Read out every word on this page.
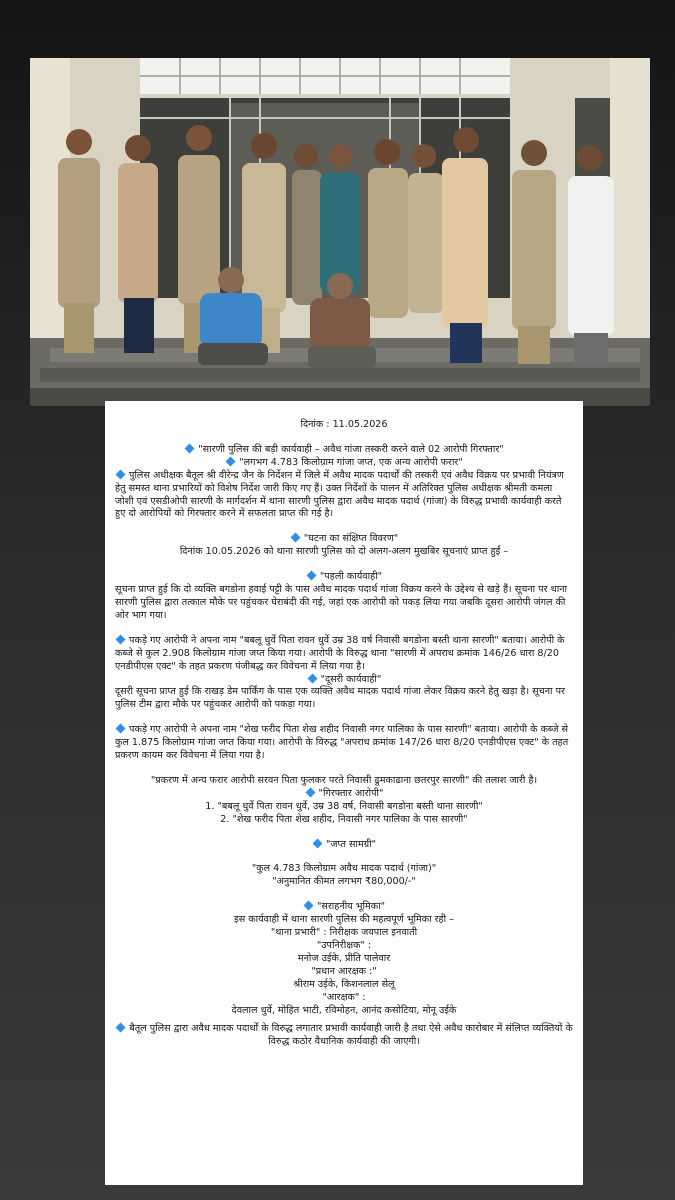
दिनांक : 11.05.2026

"सारणी पुलिस की बड़ी कार्यवाही – अवैध गांजा तस्करी करने वाले 02 आरोपी गिरफ्तार"

"लगभग 4.783 किलोग्राम गांजा जप्त, एक अन्य आरोपी फरार"

पुलिस अधीक्षक बैतूल श्री वीरेन्द्र जैन के निर्देशन में जिले में अवैध मादक पदार्थों की तस्करी एवं अवैध विक्रय पर प्रभावी नियंत्रण हेतु समस्त थाना प्रभारियों को विशेष निर्देश जारी किए गए हैं। उक्त निर्देशों के पालन में अतिरिक्त पुलिस अधीक्षक श्रीमती कमला जोशी एवं एसडीओपी सारणी के मार्गदर्शन में थाना सारणी पुलिस द्वारा अवैध मादक पदार्थ (गांजा) के विरुद्ध प्रभावी कार्यवाही करते हुए दो आरोपियों को गिरफ्तार करने में सफलता प्राप्त की गई है।

"घटना का संक्षिप्त विवरण"

दिनांक 10.05.2026 को थाना सारणी पुलिस को दो अलग-अलग मुखबिर सूचनाएं प्राप्त हुईं –

"पहली कार्यवाही"

सूचना प्राप्त हुई कि दो व्यक्ति बगडोना हवाई पट्टी के पास अवैध मादक पदार्थ गांजा विक्रय करने के उद्देश्य से खड़े हैं। सूचना पर थाना सारणी पुलिस द्वारा तत्काल मौके पर पहुंचकर घेराबंदी की गई, जहां एक आरोपी को पकड़ लिया गया जबकि दूसरा आरोपी जंगल की ओर भाग गया।

पकड़े गए आरोपी ने अपना नाम "बबलू धुर्वे पिता रावन धुर्वे उम्र 38 वर्ष निवासी बगडोना बस्ती थाना सारणी" बताया। आरोपी के कब्जे से कुल 2.908 किलोग्राम गांजा जप्त किया गया। आरोपी के विरुद्ध थाना "सारणी में अपराध क्रमांक 146/26 धारा 8/20 एनडीपीएस एक्ट" के तहत प्रकरण पंजीबद्ध कर विवेचना में लिया गया है।

"दूसरी कार्यवाही"

दूसरी सूचना प्राप्त हुई कि राखड़ डेम पार्किंग के पास एक व्यक्ति अवैध मादक पदार्थ गांजा लेकर विक्रय करने हेतु खड़ा है। सूचना पर पुलिस टीम द्वारा मौके पर पहुंचकर आरोपी को पकड़ा गया।

पकड़े गए आरोपी ने अपना नाम "शेख फरीद पिता शेख शहीद निवासी नगर पालिका के पास सारणी" बताया। आरोपी के कब्जे से कुल 1.875 किलोग्राम गांजा जप्त किया गया। आरोपी के विरुद्ध "अपराध क्रमांक 147/26 धारा 8/20 एनडीपीएस एक्ट" के तहत प्रकरण कायम कर विवेचना में लिया गया है।

"प्रकरण में अन्य फरार आरोपी सरवन पिता फुलकर परते निवासी ढुमकाढाना छतरपुर सारणी" की तलाश जारी है।

"गिरफ्तार आरोपी"

1. "बबलू धुर्वे पिता रावन धुर्वे, उम्र 38 वर्ष, निवासी बगडोना बस्ती थाना सारणी"

2. "शेख फरीद पिता शेख शहीद, निवासी नगर पालिका के पास सारणी"

"जप्त सामग्री"

"कुल 4.783 किलोग्राम अवैध मादक पदार्थ (गांजा)"

"अनुमानित कीमत लगभग ₹80,000/-"

"सराहनीय भूमिका"

इस कार्यवाही में थाना सारणी पुलिस की महत्वपूर्ण भूमिका रही –

"थाना प्रभारी" : निरीक्षक जयपाल इनवाती

"उपनिरीक्षक" :

मनोज उईके, प्रीति पालेवार

"प्रधान आरक्षक :"

श्रीराम उईके, किशनलाल सेलू

"आरक्षक" :

देवलाल धुर्वे, मोहित भाटी, रविमोहन, आनंद कसोटिया, मोनू उईके

बैतूल पुलिस द्वारा अवैध मादक पदार्थों के विरुद्ध लगातार प्रभावी कार्यवाही जारी है तथा ऐसे अवैध कारोबार में संलिप्त व्यक्तियों के विरुद्ध कठोर वैधानिक कार्यवाही की जाएगी।
